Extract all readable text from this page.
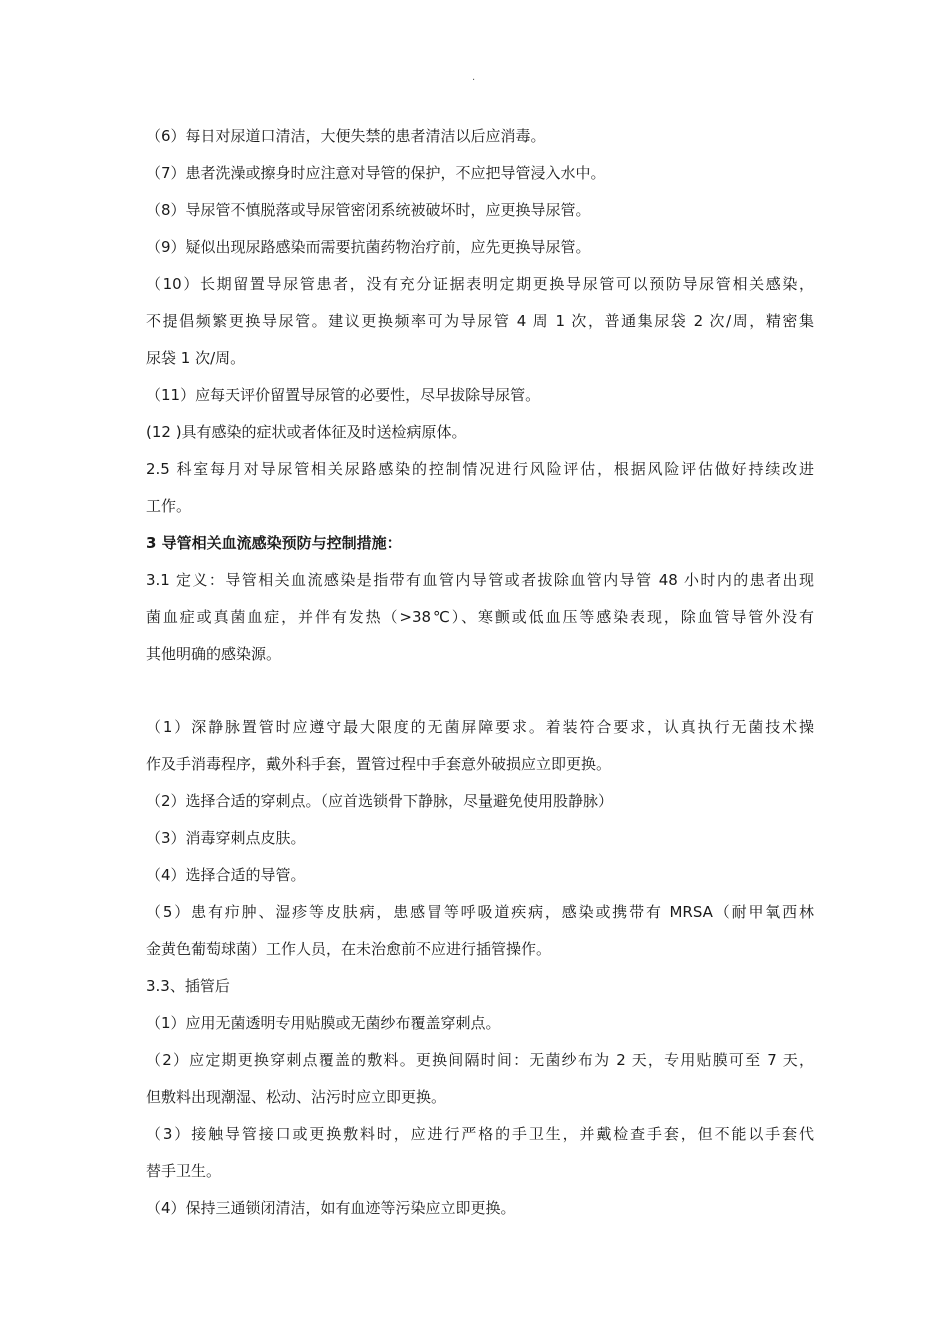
.
（6）每日对尿道口清洁，大便失禁的患者清洁以后应消毒。
（7）患者洗澡或擦身时应注意对导管的保护，不应把导管浸入水中。
（8）导尿管不慎脱落或导尿管密闭系统被破坏时，应更换导尿管。
（9）疑似出现尿路感染而需要抗菌药物治疗前，应先更换导尿管。
（10）长期留置导尿管患者，没有充分证据表明定期更换导尿管可以预防导尿管相关感染，
不提倡频繁更换导尿管。建议更换频率可为导尿管 4 周 1 次，普通集尿袋 2 次/周，精密集
尿袋 1 次/周。
（11）应每天评价留置导尿管的必要性，尽早拔除导尿管。
(12 )具有感染的症状或者体征及时送检病原体。
2.5 科室每月对导尿管相关尿路感染的控制情况进行风险评估，根据风险评估做好持续改进
工作。
3 导管相关血流感染预防与控制措施：
3.1 定义：导管相关血流感染是指带有血管内导管或者拔除血管内导管 48 小时内的患者出现
菌血症或真菌血症，并伴有发热（>38℃）、寒颤或低血压等感染表现，除血管导管外没有
其他明确的感染源。
（1）深静脉置管时应遵守最大限度的无菌屏障要求。着装符合要求，认真执行无菌技术操
作及手消毒程序，戴外科手套，置管过程中手套意外破损应立即更换。
（2）选择合适的穿刺点。（应首选锁骨下静脉，尽量避免使用股静脉）
（3）消毒穿刺点皮肤。
（4）选择合适的导管。
（5）患有疖肿、湿疹等皮肤病，患感冒等呼吸道疾病，感染或携带有 MRSA（耐甲氧西林
金黄色葡萄球菌）工作人员，在未治愈前不应进行插管操作。
3.3、插管后
（1）应用无菌透明专用贴膜或无菌纱布覆盖穿刺点。
（2）应定期更换穿刺点覆盖的敷料。更换间隔时间：无菌纱布为 2 天，专用贴膜可至 7 天，
但敷料出现潮湿、松动、沾污时应立即更换。
（3）接触导管接口或更换敷料时，应进行严格的手卫生，并戴检查手套，但不能以手套代
替手卫生。
（4）保持三通锁闭清洁，如有血迹等污染应立即更换。
